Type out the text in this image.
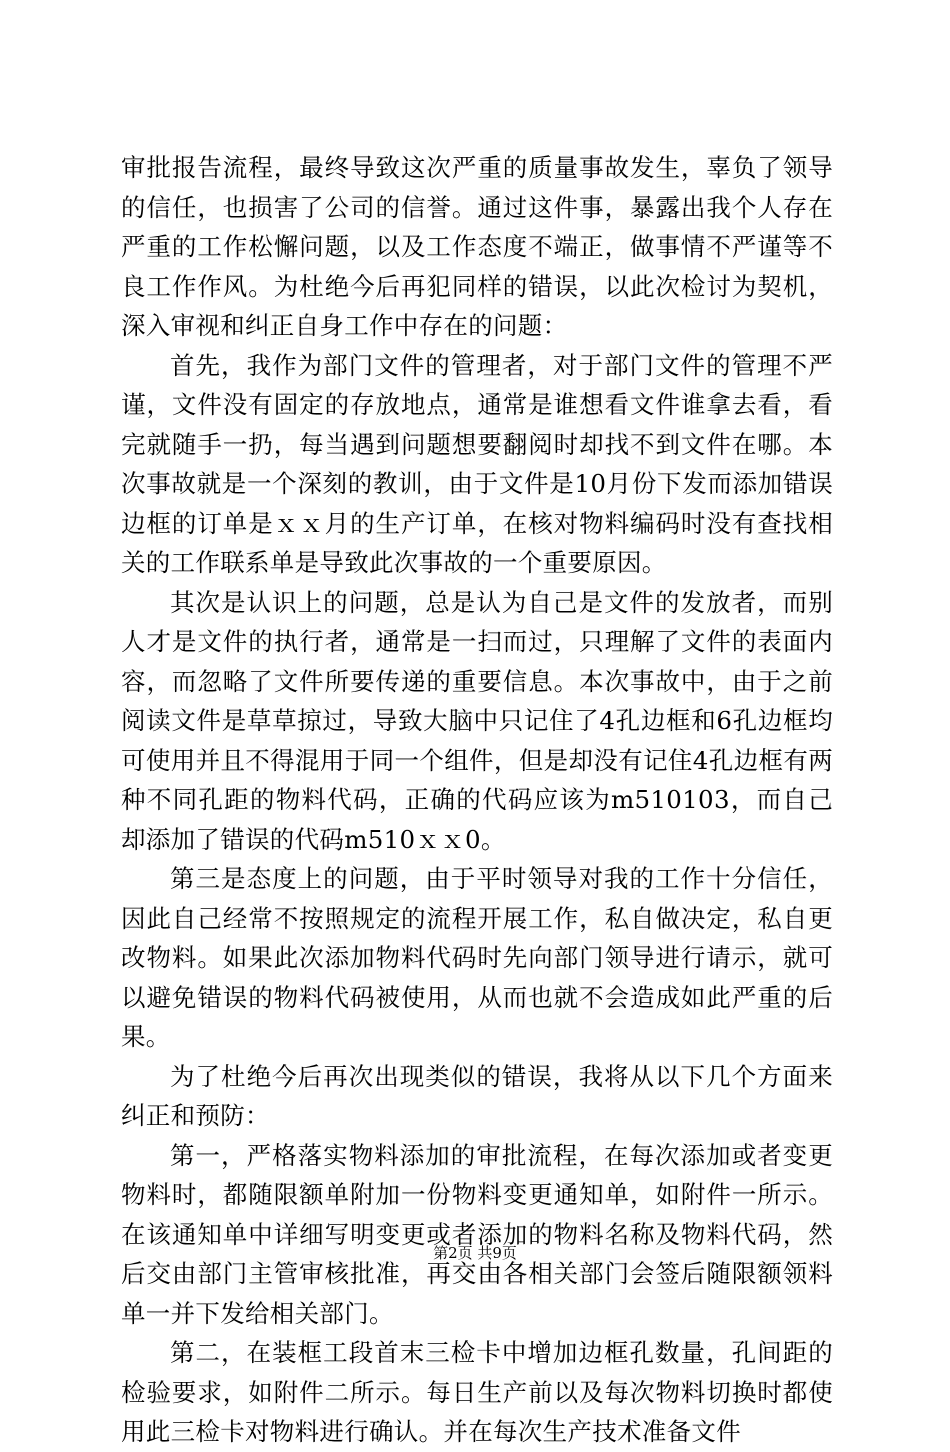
审批报告流程，最终导致这次严重的质量事故发生，辜负了领导的信任，也损害了公司的信誉。通过这件事，暴露出我个人存在严重的工作松懈问题，以及工作态度不端正，做事情不严谨等不良工作作风。为杜绝今后再犯同样的错误，以此次检讨为契机，深入审视和纠正自身工作中存在的问题：

首先，我作为部门文件的管理者，对于部门文件的管理不严谨，文件没有固定的存放地点，通常是谁想看文件谁拿去看，看完就随手一扔，每当遇到问题想要翻阅时却找不到文件在哪。本次事故就是一个深刻的教训，由于文件是10月份下发而添加错误边框的订单是ｘｘ月的生产订单，在核对物料编码时没有查找相关的工作联系单是导致此次事故的一个重要原因。

其次是认识上的问题，总是认为自己是文件的发放者，而别人才是文件的执行者，通常是一扫而过，只理解了文件的表面内容，而忽略了文件所要传递的重要信息。本次事故中，由于之前阅读文件是草草掠过，导致大脑中只记住了4孔边框和6孔边框均可使用并且不得混用于同一个组件，但是却没有记住4孔边框有两种不同孔距的物料代码，正确的代码应该为m510103，而自己却添加了错误的代码m510ｘｘ0。

第三是态度上的问题，由于平时领导对我的工作十分信任，因此自己经常不按照规定的流程开展工作，私自做决定，私自更改物料。如果此次添加物料代码时先向部门领导进行请示，就可以避免错误的物料代码被使用，从而也就不会造成如此严重的后果。

为了杜绝今后再次出现类似的错误，我将从以下几个方面来纠正和预防：

第一，严格落实物料添加的审批流程，在每次添加或者变更物料时，都随限额单附加一份物料变更通知单，如附件一所示。在该通知单中详细写明变更或者添加的物料名称及物料代码，然后交由部门主管审核批准，再交由各相关部门会签后随限额领料单一并下发给相关部门。

第二，在装框工段首末三检卡中增加边框孔数量，孔间距的检验要求，如附件二所示。每日生产前以及每次物料切换时都使用此三检卡对物料进行确认。并在每次生产技术准备文件

第2页 共9页
